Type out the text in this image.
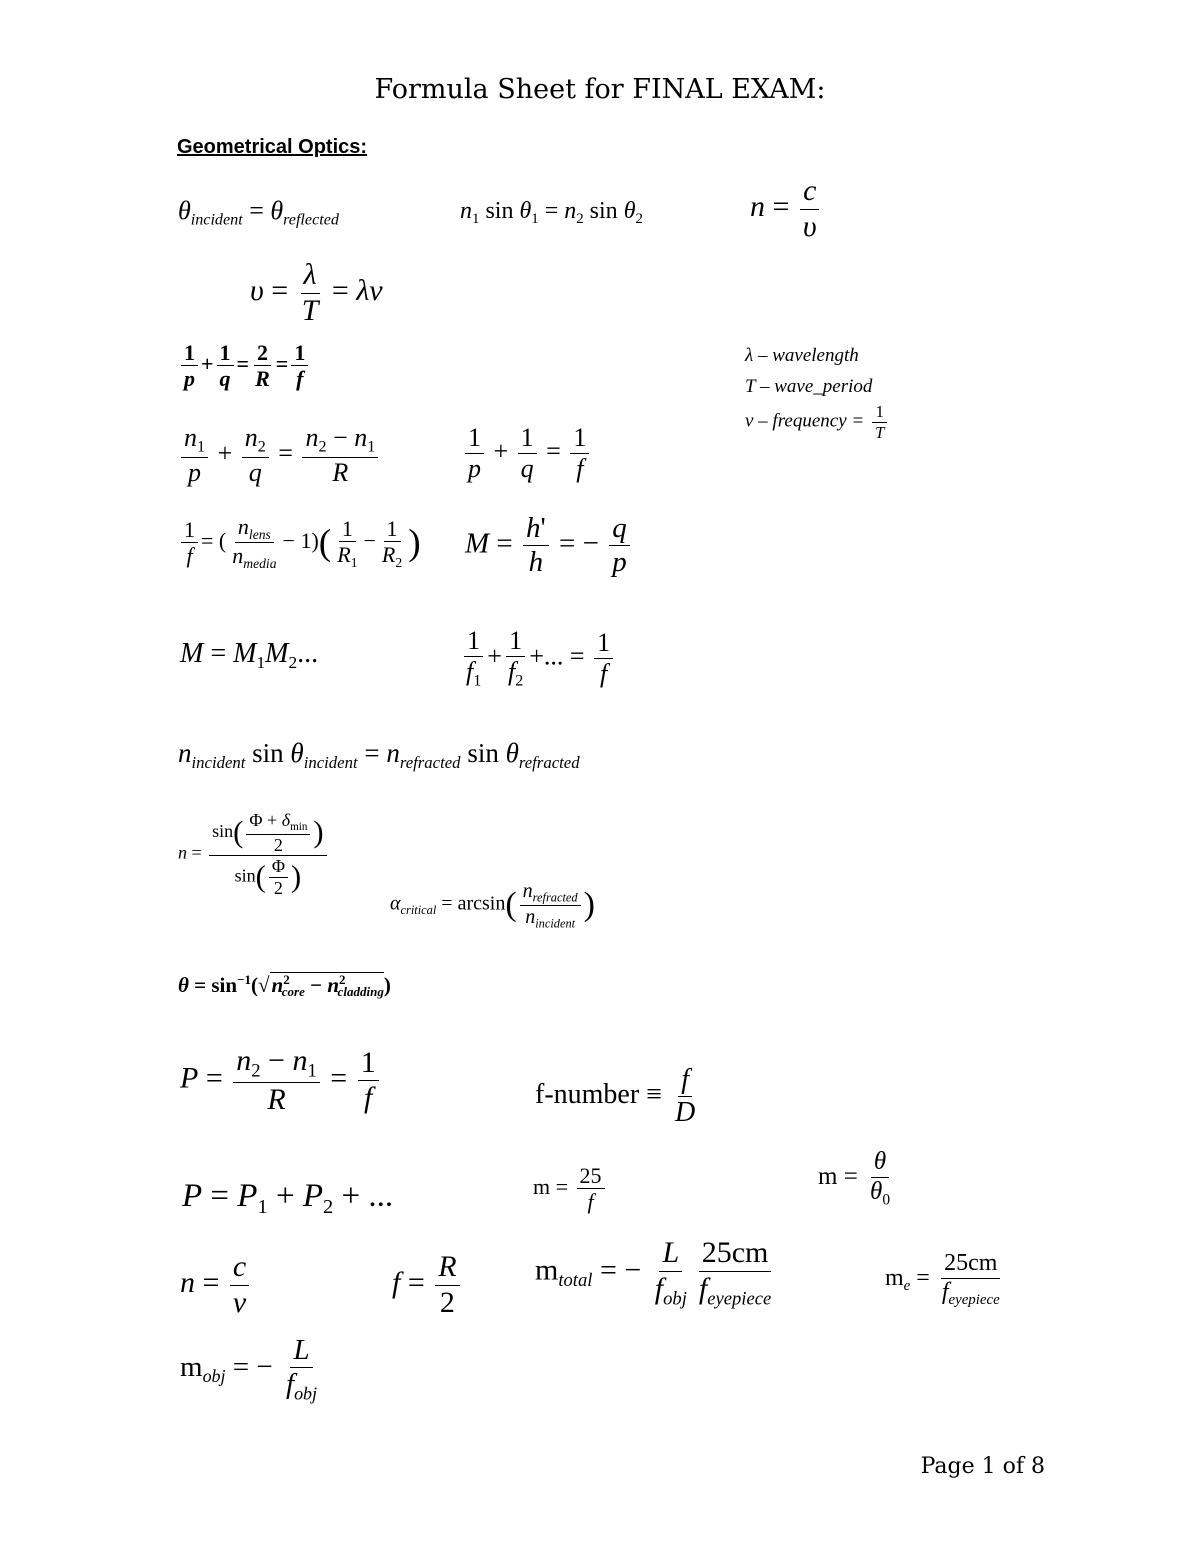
Formula Sheet for FINAL EXAM:
Geometrical Optics:
$\theta_{incident} = \theta_{reflected}$	$n_1$ $\sin \theta_1 = n_2$ $\sin \theta_2$	$n = \frac{c}{\upsilon}$
$\upsilon = \frac{\lambda}{T} = \lambda\nu$
λ – wavelength
T – wave_period
v – frequency = $\frac{1}{T}$
$\frac{1}{p} + \frac{1}{q} = \frac{2}{R} = \frac{1}{f}$
$\frac{n_1}{p} + \frac{n_2}{q} = \frac{n_2 - n_1}{R}$	$\frac{1}{p} + \frac{1}{q} = \frac{1}{f}$
$\frac{1}{f}$ = ( $\frac{n_{lens}}{n_{media}} - 1)( \frac{1}{R_1} - \frac{1}{R_2}$ ) $M = \frac{h'}{h}$ = − $\frac{q}{p}$
$M = M_1M_2$...	$\frac{1}{f_1} + \frac{1}{f_2}$ +... = $\frac{1}{f}$
$n_{incident}$ $\sin \theta_{incident} = n_{refracted}$ $\sin \theta_{refracted}$
$n = \frac{\sin( \frac{\Phi + \delta_{min}}{2} )}{\sin( \frac{\Phi}{2} )}$
$\alpha_{critical} = \arcsin( \frac{n_{refracted}}{n_{incident}}$ )
$\theta = \sin^{-1}(√n^2_{core} - n^2_{cladding})$
$P = \frac{n_2 - n_1}{R} = \frac{1}{f}$	f-number ≡ $\frac{f}{D}$
$P = P_1 + P_2$ + ...	$m = \frac{25}{f}$	$m = \frac{\theta}{\theta_0}$
$n = \frac{c}{v}$	$f = \frac{R}{2}$	$m_{total}$ = − $\frac{L}{f_{obj}} \frac{25cm}{f_{eyepiece}}$	$m_e = \frac{25cm}{f_{eyepiece}}$
$m_{obj}$ = − $\frac{L}{f_{obj}}$
Page 1 of 8
